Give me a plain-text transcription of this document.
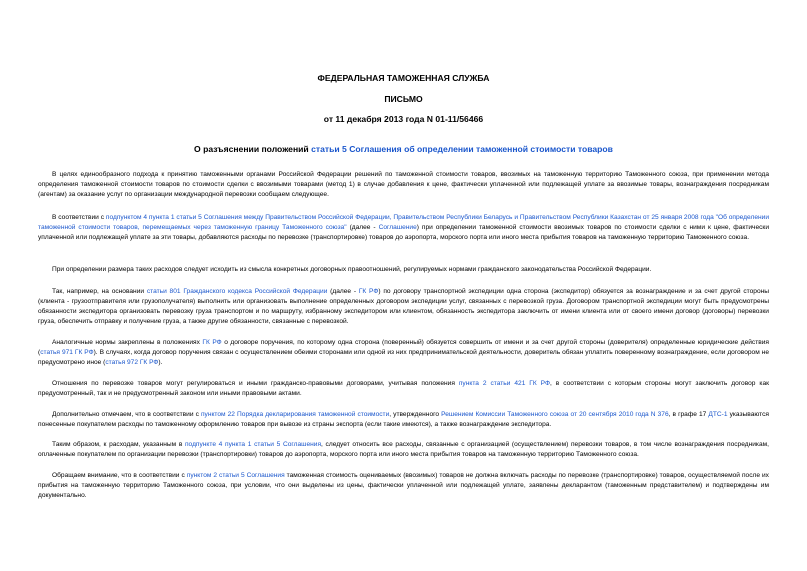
ФЕДЕРАЛЬНАЯ ТАМОЖЕННАЯ СЛУЖБА
ПИСЬМО
от 11 декабря 2013 года N 01-11/56466
О разъяснении положений статьи 5 Соглашения об определении таможенной стоимости товаров

В целях единообразного подхода к принятию таможенными органами Российской Федерации решений по таможенной стоимости товаров, ввозимых на таможенную территорию Таможенного союза, при применении метода определения таможенной стоимости товаров по стоимости сделки с ввозимыми товарами (метод 1) в случае добавления к цене, фактически уплаченной или подлежащей уплате за ввозимые товары, вознаграждения посредникам (агентам) за оказание услуг по организации международной перевозки сообщаем следующее.

В соответствии с подпунктом 4 пункта 1 статьи 5 Соглашения между Правительством Российской Федерации, Правительством Республики Беларусь и Правительством Республики Казахстан от 25 января 2008 года "Об определении таможенной стоимости товаров, перемещаемых через таможенную границу Таможенного союза" (далее - Соглашение) при определении таможенной стоимости ввозимых товаров по стоимости сделки с ними к цене, фактически уплаченной или подлежащей уплате за эти товары, добавляются расходы по перевозке (транспортировке) товаров до аэропорта, морского порта или иного места прибытия товаров на таможенную территорию Таможенного союза.

При определении размера таких расходов следует исходить из смысла конкретных договорных правоотношений, регулируемых нормами гражданского законодательства Российской Федерации.

Так, например, на основании статьи 801 Гражданского кодекса Российской Федерации (далее - ГК РФ) по договору транспортной экспедиции одна сторона (экспедитор) обязуется за вознаграждение и за счет другой стороны (клиента - грузоотправителя или грузополучателя) выполнить или организовать выполнение определенных договором экспедиции услуг, связанных с перевозкой груза. Договором транспортной экспедиции могут быть предусмотрены обязанности экспедитора организовать перевозку груза транспортом и по маршруту, избранному экспедитором или клиентом, обязанность экспедитора заключить от имени клиента или от своего имени договор (договоры) перевозки груза, обеспечить отправку и получение груза, а также другие обязанности, связанные с перевозкой.

Аналогичные нормы закреплены в положениях ГК РФ о договоре поручения, по которому одна сторона (поверенный) обязуется совершить от имени и за счет другой стороны (доверителя) определенные юридические действия (статья 971 ГК РФ). В случаях, когда договор поручения связан с осуществлением обеими сторонами или одной из них предпринимательской деятельности, доверитель обязан уплатить поверенному вознаграждение, если договором не предусмотрено иное (статья 972 ГК РФ).

Отношения по перевозке товаров могут регулироваться и иными гражданско-правовыми договорами, учитывая положения пункта 2 статьи 421 ГК РФ, в соответствии с которым стороны могут заключить договор как предусмотренный, так и не предусмотренный законом или иными правовыми актами.

Дополнительно отмечаем, что в соответствии с пунктом 22 Порядка декларирования таможенной стоимости, утвержденного Решением Комиссии Таможенного союза от 20 сентября 2010 года N 376, в графе 17 ДТС-1 указываются понесенные покупателем расходы по таможенному оформлению товаров при вывозе из страны экспорта (если такие имеются), а также вознаграждение экспедитора.

Таким образом, к расходам, указанным в подпункте 4 пункта 1 статьи 5 Соглашения, следует относить все расходы, связанные с организацией (осуществлением) перевозки товаров, в том числе вознаграждения посредникам, оплаченные покупателем по организации перевозки (транспортировки) товаров до аэропорта, морского порта или иного места прибытия товаров на таможенную территорию Таможенного союза.

Обращаем внимание, что в соответствии с пунктом 2 статьи 5 Соглашения таможенная стоимость оцениваемых (ввозимых) товаров не должна включать расходы по перевозке (транспортировке) товаров, осуществляемой после их прибытия на таможенную территорию Таможенного союза, при условии, что они выделены из цены, фактически уплаченной или подлежащей уплате, заявлены декларантом (таможенным представителем) и подтверждены им документально.
